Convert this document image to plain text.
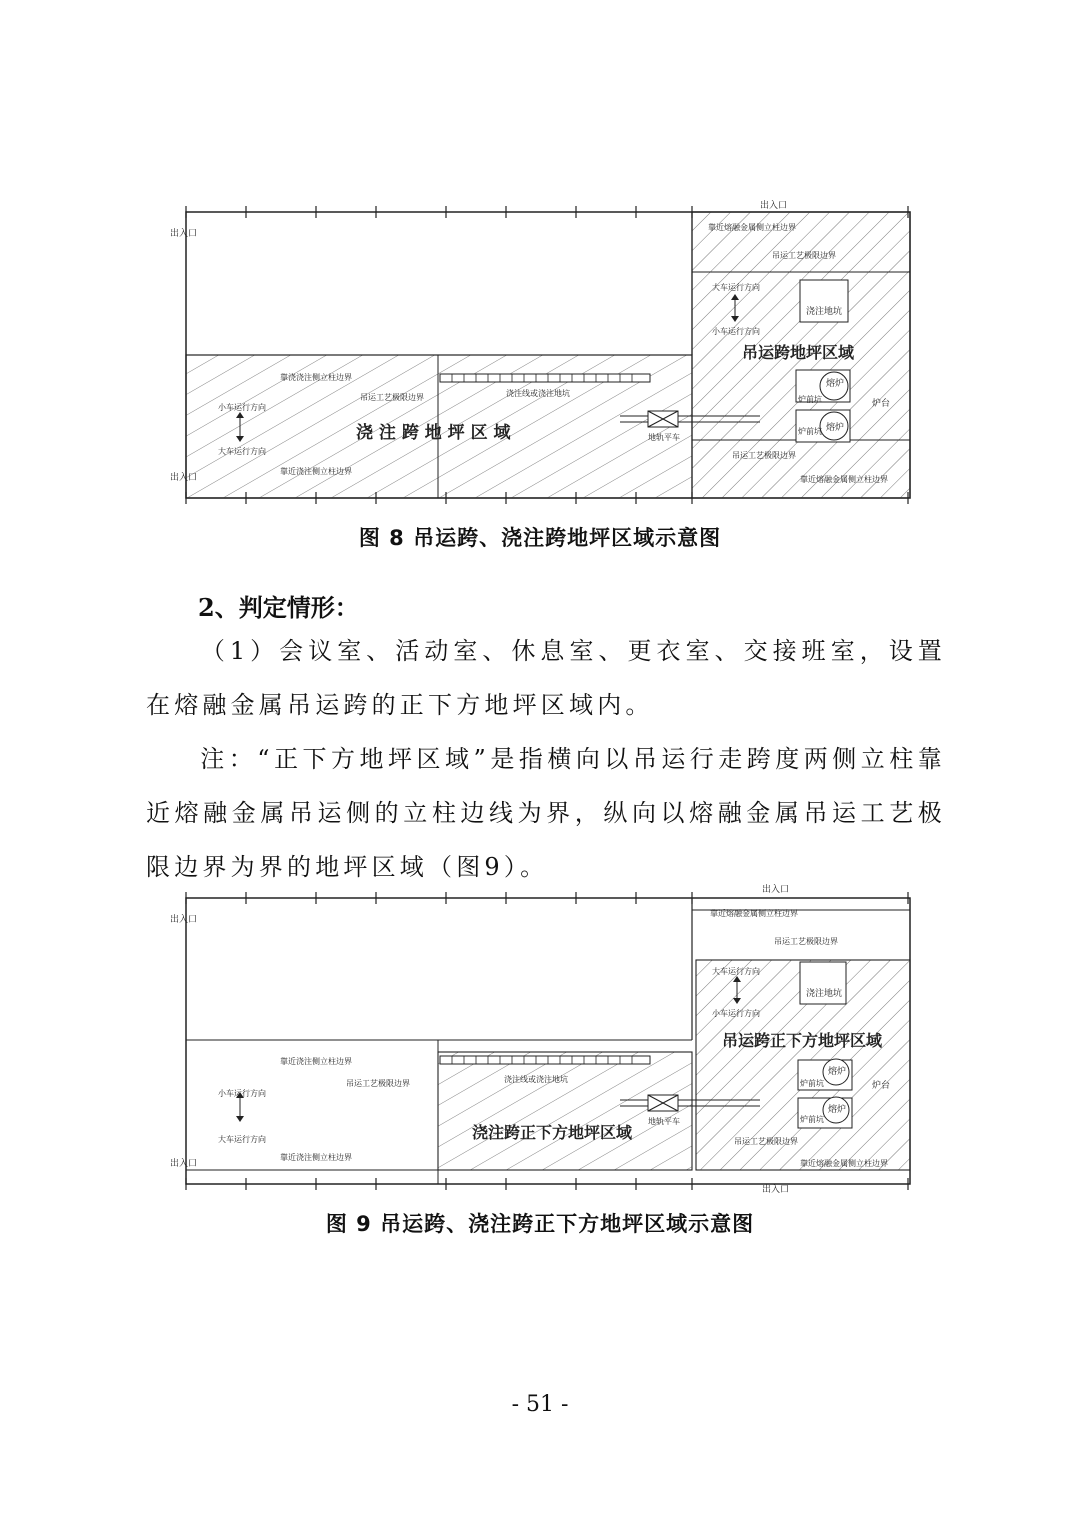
出入口
出入口
出入口
靠近熔融金属侧立柱边界
吊运工艺极限边界
大车运行方向
小车运行方向
浇注地坑
吊运跨地坪区域
熔炉
熔炉
炉前坑
炉前坑
炉台
靠浇浇注侧立柱边界
吊运工艺极限边界	浇注线或浇注地坑
小车运行方向
大车运行方向
浇 注 跨 地 坪 区 域	地轨平车
吊运工艺极限边界
靠近浇注侧立柱边界
靠近熔融金属侧立柱边界
图 8 吊运跨、浇注跨地坪区域示意图
2、判定情形：
（1）会议室、活动室、休息室、更衣室、交接班室，设置在熔融金属吊运跨的正下方地坪区域内。
注：“正下方地坪区域”是指横向以吊运行走跨度两侧立柱靠近熔融金属吊运侧的立柱边线为界，纵向以熔融金属吊运工艺极限边界为界的地坪区域（图9）。
出入口
出入口
出入口
出入口
靠近熔融金属侧立柱边界
吊运工艺极限边界
大车运行方向
小车运行方向
浇注地坑
吊运跨正下方地坪区域
熔炉
熔炉
炉前坑
炉前坑
炉台
靠近浇注侧立柱边界
吊运工艺极限边界	浇注线或浇注地坑
小车运行方向
大车运行方向	浇注跨正下方地坪区域
地轨平车
吊运工艺极限边界
靠近浇注侧立柱边界
靠近熔融金属侧立柱边界
图 9 吊运跨、浇注跨正下方地坪区域示意图
- 51 -
